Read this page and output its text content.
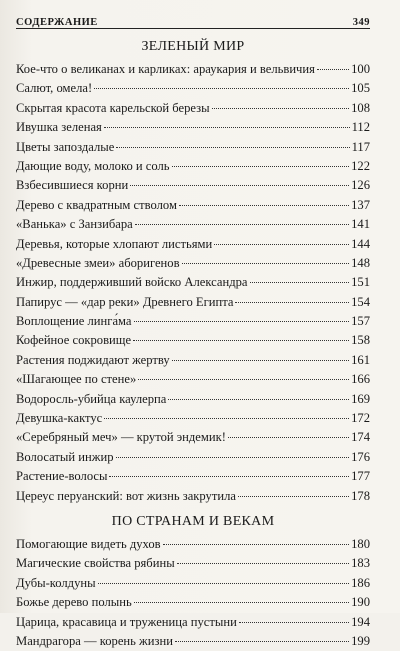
СОДЕРЖАНИЕ	349
ЗЕЛЕНЫЙ МИР
Кое-что о великанах и карликах: араукария и вельвичия	100
Салют, омела!	105
Скрытая красота карельской березы	108
Ивушка зеленая	112
Цветы запоздалые	117
Дающие воду, молоко и соль	122
Взбесившиеся корни	126
Дерево с квадратным стволом	137
«Ванька» с Занзибара	141
Деревья, которые хлопают листьями	144
«Древесные змеи» аборигенов	148
Инжир, поддерживший войско Александра	151
Папирус — «дар реки» Древнего Египта	154
Воплощение линга́ма	157
Кофейное сокровище	158
Растения поджидают жертву	161
«Шагающее по стене»	166
Водоросль-убийца каулерпа	169
Девушка-кактус	172
«Серебряный меч» — крутой эндемик!	174
Волосатый инжир	176
Растение-волосы	177
Цереус перуанский: вот жизнь закрутила	178
ПО СТРАНАМ И ВЕКАМ
Помогающие видеть духов	180
Магические свойства рябины	183
Дубы-колдуны	186
Божье дерево полынь	190
Царица, красавица и труженица пустыни	194
Мандрагора — корень жизни	199
